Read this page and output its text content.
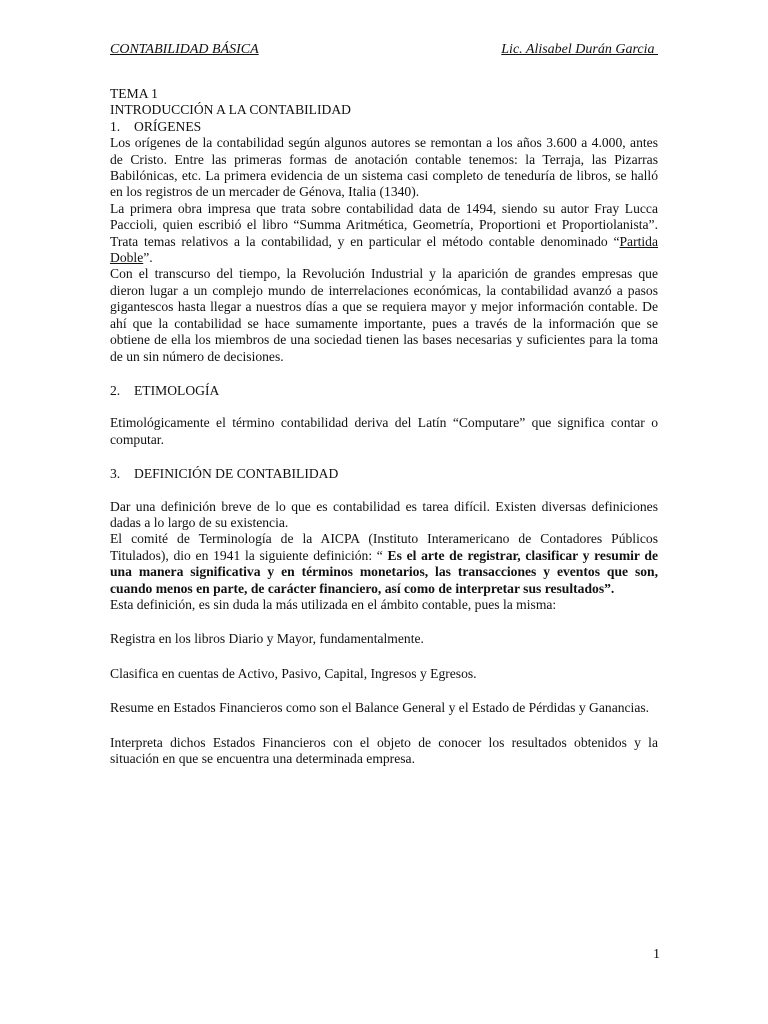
CONTABILIDAD BÁSICA	Lic. Alisabel Durán Garcia

TEMA 1

INTRODUCCIÓN A LA CONTABILIDAD

1. ORÍGENES

Los orígenes de la contabilidad según algunos autores se remontan a los años 3.600 a 4.000, antes de Cristo. Entre las primeras formas de anotación contable tenemos: la Terraja, las Pizarras Babilónicas, etc. La primera evidencia de un sistema casi completo de teneduría de libros, se halló en los registros de un mercader de Génova, Italia (1340).

La primera obra impresa que trata sobre contabilidad data de 1494, siendo su autor Fray Lucca Paccioli, quien escribió el libro “Summa Aritmética, Geometría, Proportioni et Proportiolanista”. Trata temas relativos a la contabilidad, y en particular el método contable denominado “Partida Doble”.

Con el transcurso del tiempo, la Revolución Industrial y la aparición de grandes empresas que dieron lugar a un complejo mundo de interrelaciones económicas, la contabilidad avanzó a pasos gigantescos hasta llegar a nuestros días a que se requiera mayor y mejor información contable. De ahí que la contabilidad se hace sumamente importante, pues a través de la información que se obtiene de ella los miembros de una sociedad tienen las bases necesarias y suficientes para la toma de un sin número de decisiones.

2. ETIMOLOGÍA

Etimológicamente el término contabilidad deriva del Latín “Computare” que significa contar o computar.

3. DEFINICIÓN DE CONTABILIDAD

Dar una definición breve de lo que es contabilidad es tarea difícil. Existen diversas definiciones dadas a lo largo de su existencia.

El comité de Terminología de la AICPA (Instituto Interamericano de Contadores Públicos Titulados), dio en 1941 la siguiente definición: “ Es el arte de registrar, clasificar y resumir de una manera significativa y en términos monetarios, las transacciones y eventos que son, cuando menos en parte, de carácter financiero, así como de interpretar sus resultados”.

Esta definición, es sin duda la más utilizada en el ámbito contable, pues la misma:

Registra en los libros Diario y Mayor, fundamentalmente.

Clasifica en cuentas de Activo, Pasivo, Capital, Ingresos y Egresos.

Resume en Estados Financieros como son el Balance General y el Estado de Pérdidas y Ganancias.

Interpreta dichos Estados Financieros con el objeto de conocer los resultados obtenidos y la situación en que se encuentra una determinada empresa.

1
